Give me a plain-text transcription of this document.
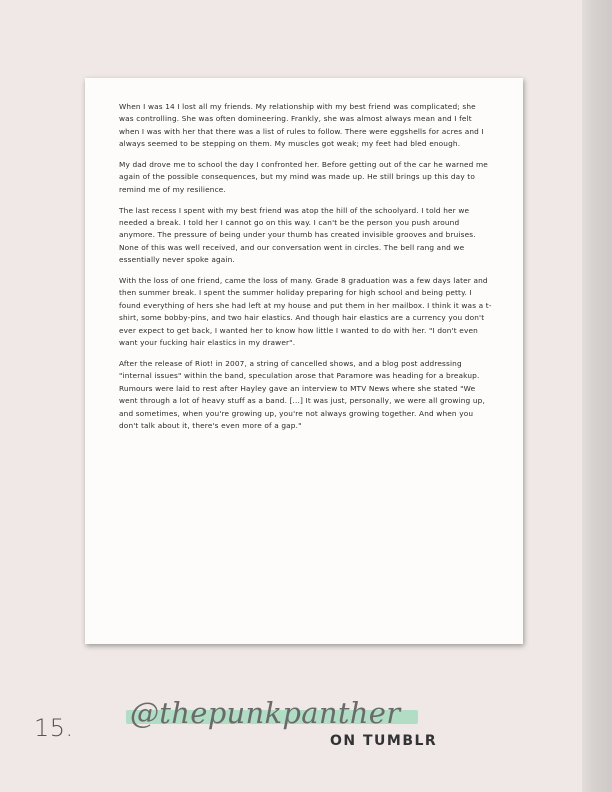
When I was 14 I lost all my friends. My relationship with my best friend was complicated; she was controlling. She was often domineering. Frankly, she was almost always mean and I felt when I was with her that there was a list of rules to follow. There were eggshells for acres and I always seemed to be stepping on them. My muscles got weak; my feet had bled enough.

My dad drove me to school the day I confronted her. Before getting out of the car he warned me again of the possible consequences, but my mind was made up. He still brings up this day to remind me of my resilience.

The last recess I spent with my best friend was atop the hill of the schoolyard. I told her we needed a break. I told her I cannot go on this way. I can't be the person you push around anymore. The pressure of being under your thumb has created invisible grooves and bruises. None of this was well received, and our conversation went in circles. The bell rang and we essentially never spoke again.

With the loss of one friend, came the loss of many. Grade 8 graduation was a few days later and then summer break. I spent the summer holiday preparing for high school and being petty. I found everything of hers she had left at my house and put them in her mailbox. I think it was a t-shirt, some bobby-pins, and two hair elastics. And though hair elastics are a currency you don't ever expect to get back, I wanted her to know how little I wanted to do with her. "I don't even want your fucking hair elastics in my drawer".

After the release of Riot! in 2007, a string of cancelled shows, and a blog post addressing "internal issues" within the band, speculation arose that Paramore was heading for a breakup. Rumours were laid to rest after Hayley gave an interview to MTV News where she stated "We went through a lot of heavy stuff as a band. [...] It was just, personally, we were all growing up, and sometimes, when you're growing up, you're not always growing together. And when you don't talk about it, there's even more of a gap."

15. @thepunkpanther
ON TUMBLR
